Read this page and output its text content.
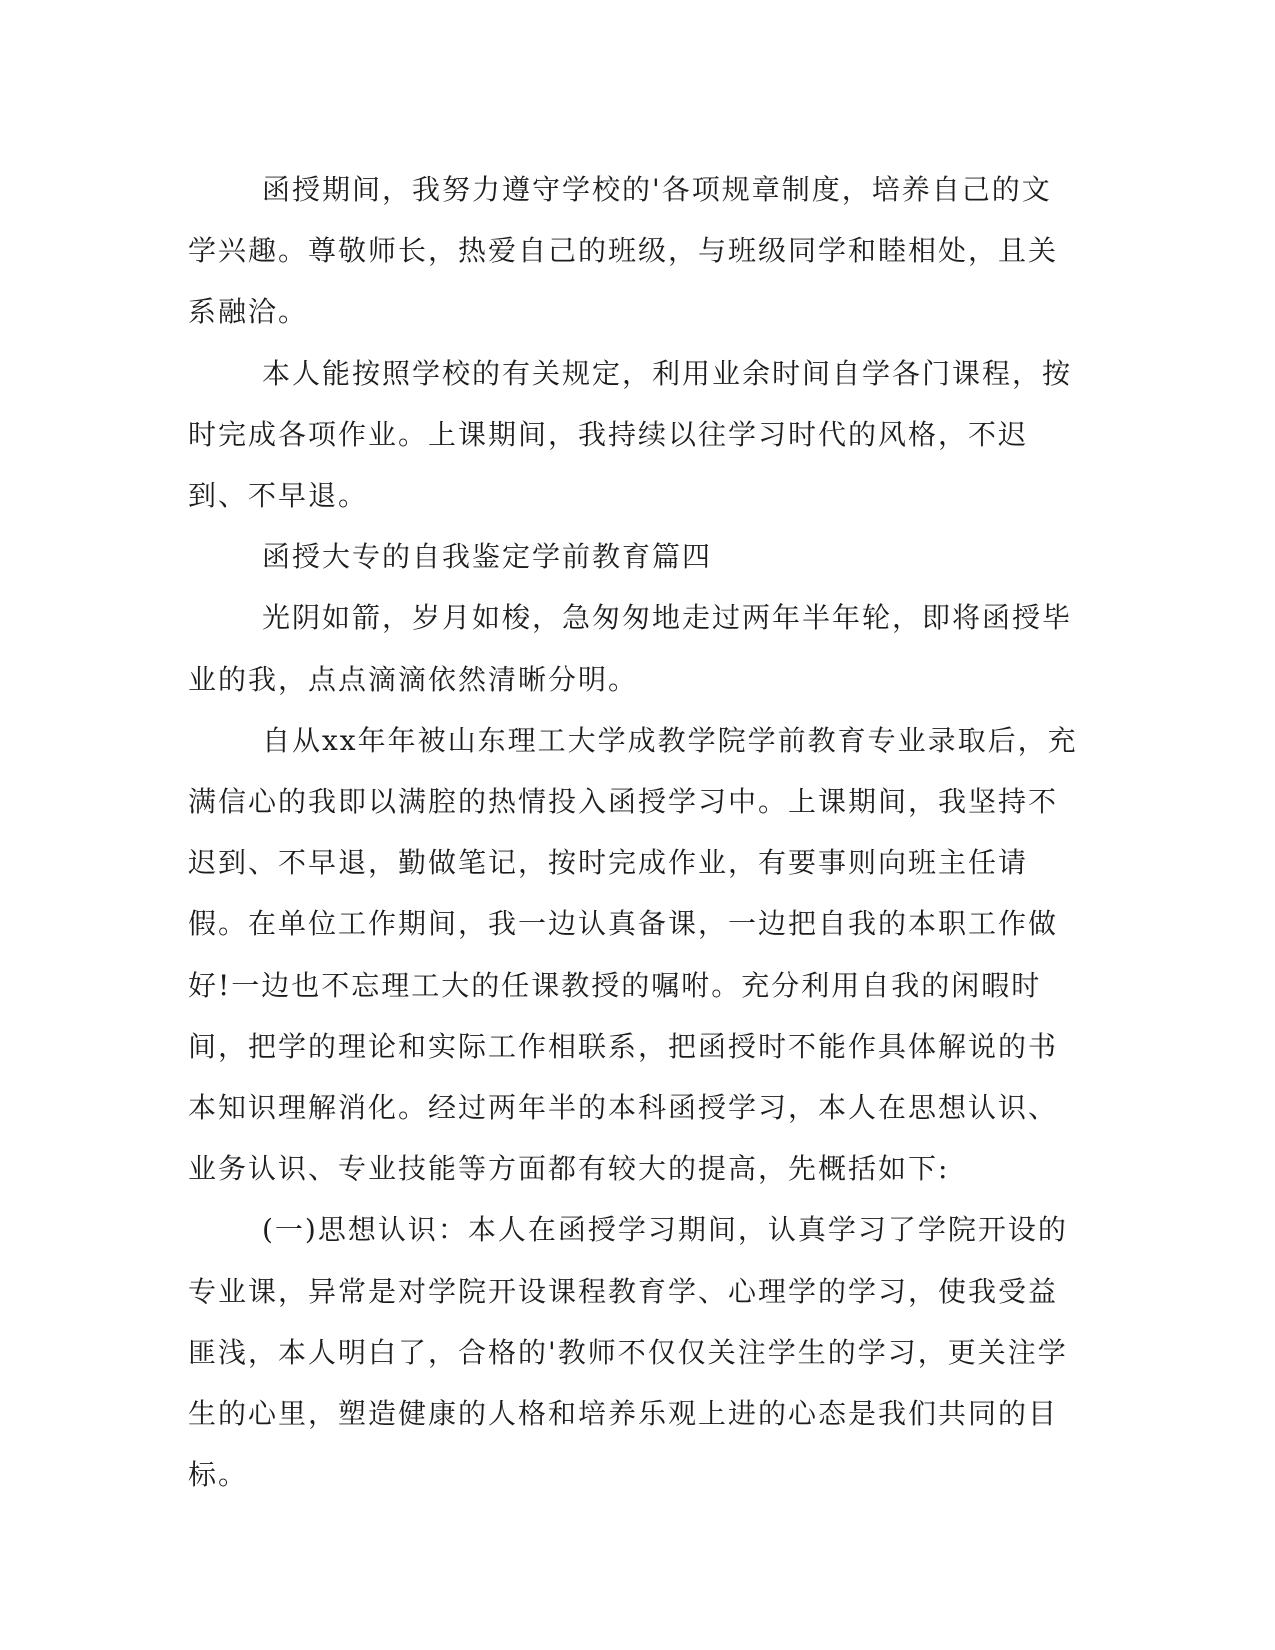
函授期间，我努力遵守学校的'各项规章制度，培养自己的文学兴趣。尊敬师长，热爱自己的班级，与班级同学和睦相处，且关系融洽。

本人能按照学校的有关规定，利用业余时间自学各门课程，按时完成各项作业。上课期间，我持续以往学习时代的风格，不迟到、不早退。

函授大专的自我鉴定学前教育篇四

光阴如箭，岁月如梭，急匆匆地走过两年半年轮，即将函授毕业的我，点点滴滴依然清晰分明。

自从xx年年被山东理工大学成教学院学前教育专业录取后，充满信心的我即以满腔的热情投入函授学习中。上课期间，我坚持不迟到、不早退，勤做笔记，按时完成作业，有要事则向班主任请假。在单位工作期间，我一边认真备课，一边把自我的本职工作做好!一边也不忘理工大的任课教授的嘱咐。充分利用自我的闲暇时间，把学的理论和实际工作相联系，把函授时不能作具体解说的书本知识理解消化。经过两年半的本科函授学习，本人在思想认识、业务认识、专业技能等方面都有较大的提高，先概括如下:

(一)思想认识：本人在函授学习期间，认真学习了学院开设的专业课，异常是对学院开设课程教育学、心理学的学习，使我受益匪浅，本人明白了，合格的'教师不仅仅关注学生的学习，更关注学生的心里，塑造健康的人格和培养乐观上进的心态是我们共同的目标。
